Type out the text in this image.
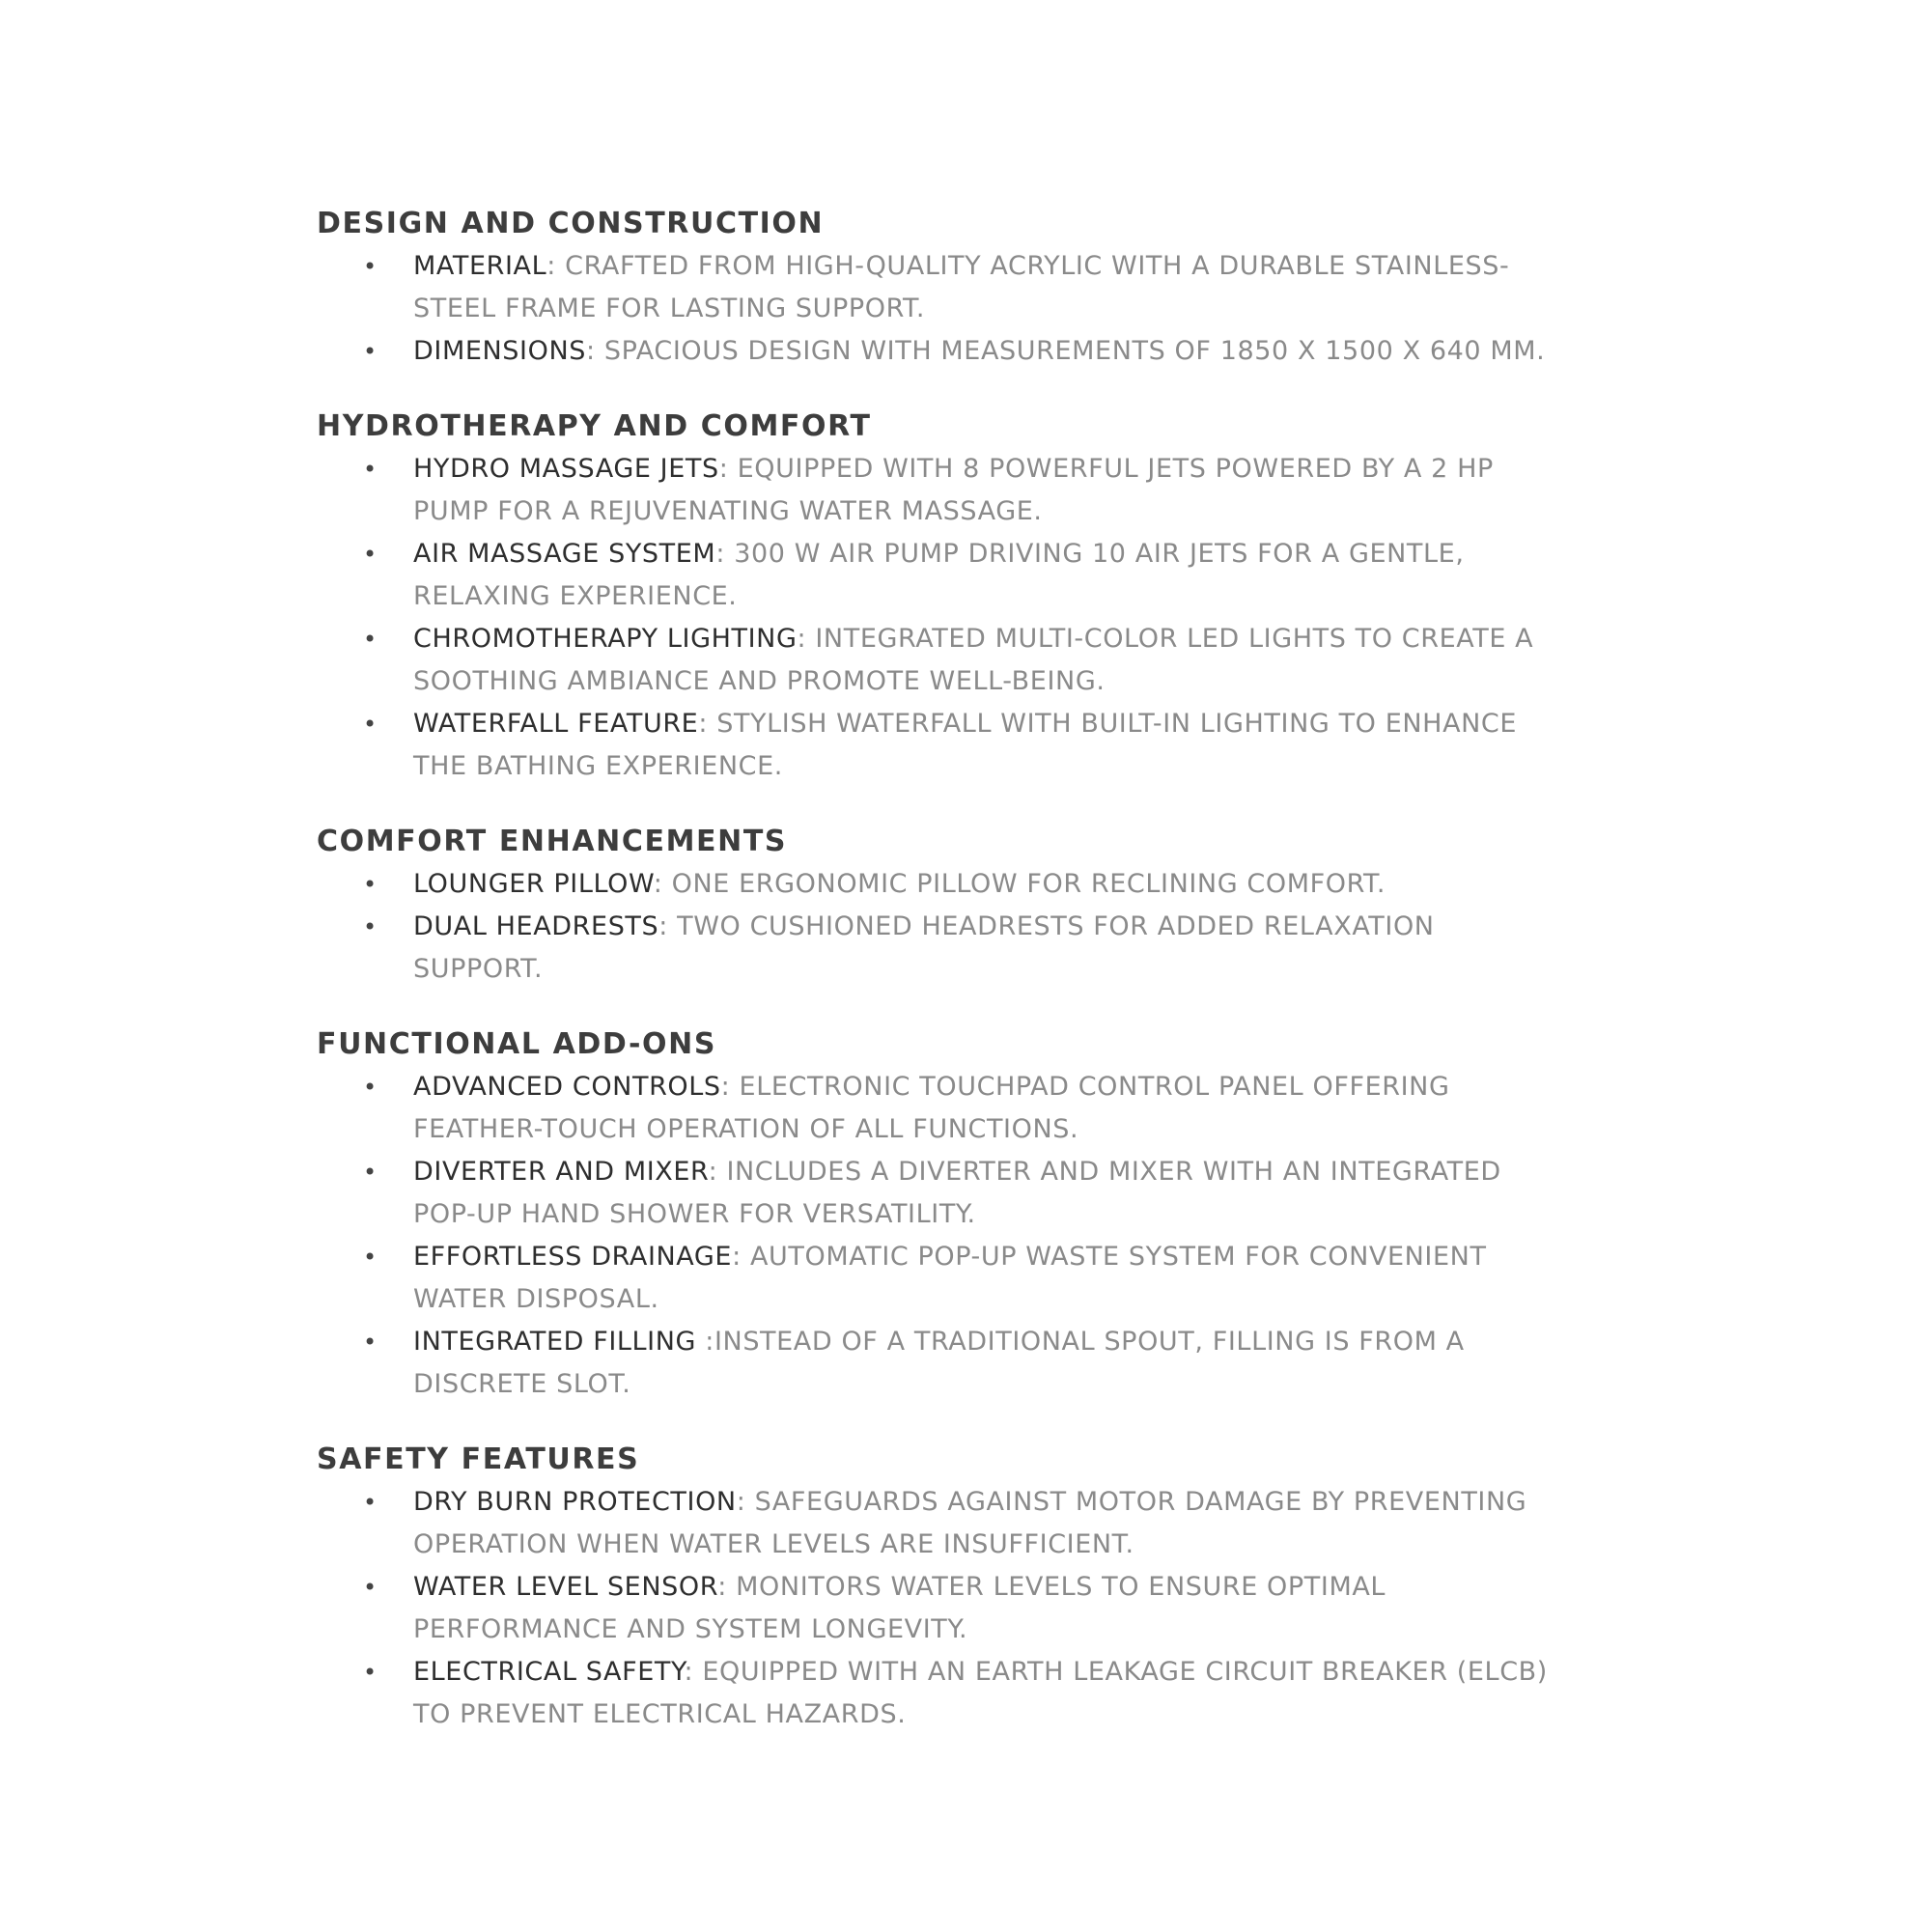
DESIGN AND CONSTRUCTION
• MATERIAL: CRAFTED FROM HIGH-QUALITY ACRYLIC WITH A DURABLE STAINLESS-STEEL FRAME FOR LASTING SUPPORT.
• DIMENSIONS: SPACIOUS DESIGN WITH MEASUREMENTS OF 1850 X 1500 X 640 MM.
HYDROTHERAPY AND COMFORT
• HYDRO MASSAGE JETS: EQUIPPED WITH 8 POWERFUL JETS POWERED BY A 2 HP PUMP FOR A REJUVENATING WATER MASSAGE.
• AIR MASSAGE SYSTEM: 300 W AIR PUMP DRIVING 10 AIR JETS FOR A GENTLE, RELAXING EXPERIENCE.
• CHROMOTHERAPY LIGHTING: INTEGRATED MULTI-COLOR LED LIGHTS TO CREATE A SOOTHING AMBIANCE AND PROMOTE WELL-BEING.
• WATERFALL FEATURE: STYLISH WATERFALL WITH BUILT-IN LIGHTING TO ENHANCE THE BATHING EXPERIENCE.
COMFORT ENHANCEMENTS
• LOUNGER PILLOW: ONE ERGONOMIC PILLOW FOR RECLINING COMFORT.
• DUAL HEADRESTS: TWO CUSHIONED HEADRESTS FOR ADDED RELAXATION SUPPORT.
FUNCTIONAL ADD-ONS
• ADVANCED CONTROLS: ELECTRONIC TOUCHPAD CONTROL PANEL OFFERING FEATHER-TOUCH OPERATION OF ALL FUNCTIONS.
• DIVERTER AND MIXER: INCLUDES A DIVERTER AND MIXER WITH AN INTEGRATED POP-UP HAND SHOWER FOR VERSATILITY.
• EFFORTLESS DRAINAGE: AUTOMATIC POP-UP WASTE SYSTEM FOR CONVENIENT WATER DISPOSAL.
• INTEGRATED FILLING :INSTEAD OF A TRADITIONAL SPOUT, FILLING IS FROM A DISCRETE SLOT.
SAFETY FEATURES
• DRY BURN PROTECTION: SAFEGUARDS AGAINST MOTOR DAMAGE BY PREVENTING OPERATION WHEN WATER LEVELS ARE INSUFFICIENT.
• WATER LEVEL SENSOR: MONITORS WATER LEVELS TO ENSURE OPTIMAL PERFORMANCE AND SYSTEM LONGEVITY.
• ELECTRICAL SAFETY: EQUIPPED WITH AN EARTH LEAKAGE CIRCUIT BREAKER (ELCB) TO PREVENT ELECTRICAL HAZARDS.
